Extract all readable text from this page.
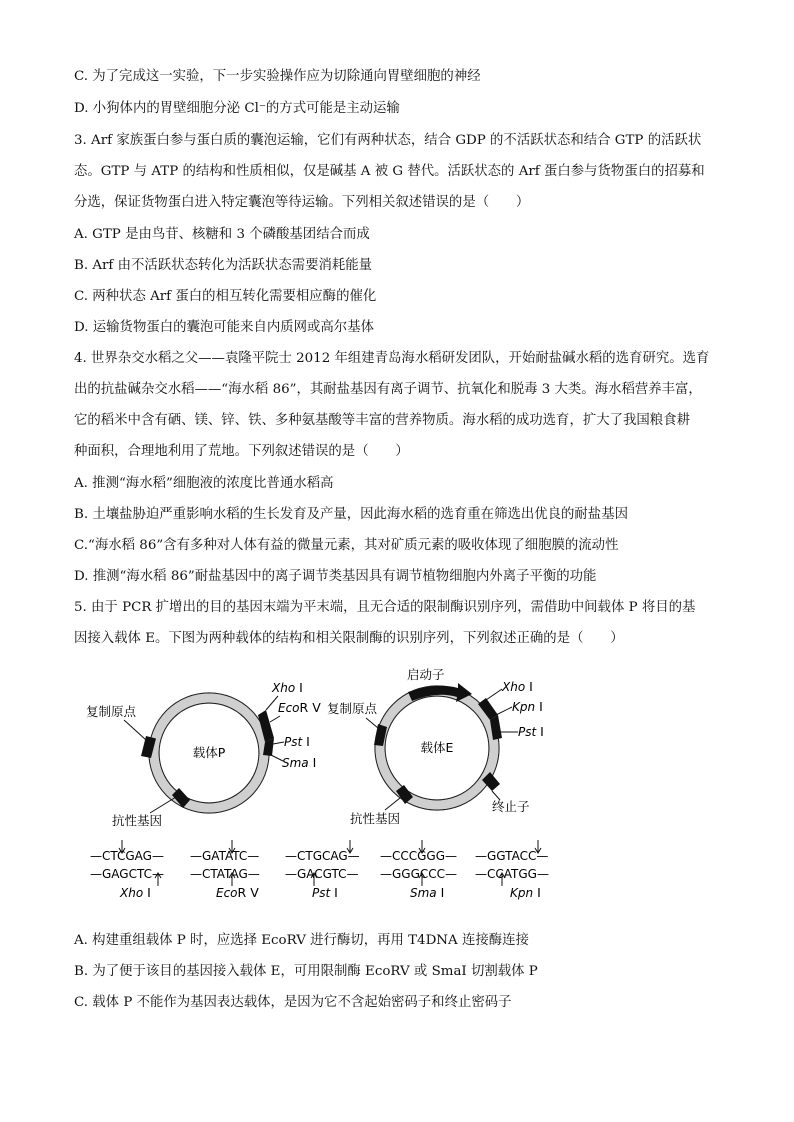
C. 为了完成这一实验，下一步实验操作应为切除通向胃壁细胞的神经
D. 小狗体内的胃壁细胞分泌 Cl⁻的方式可能是主动运输
3. Arf 家族蛋白参与蛋白质的囊泡运输，它们有两种状态，结合 GDP 的不活跃状态和结合 GTP 的活跃状
态。GTP 与 ATP 的结构和性质相似，仅是碱基 A 被 G 替代。活跃状态的 Arf 蛋白参与货物蛋白的招募和
分选，保证货物蛋白进入特定囊泡等待运输。下列相关叙述错误的是（　　）
A. GTP 是由鸟苷、核糖和 3 个磷酸基团结合而成
B. Arf 由不活跃状态转化为活跃状态需要消耗能量
C. 两种状态 Arf 蛋白的相互转化需要相应酶的催化
D. 运输货物蛋白的囊泡可能来自内质网或高尔基体
4. 世界杂交水稻之父——袁隆平院士 2012 年组建青岛海水稻研发团队，开始耐盐碱水稻的选育研究。选育
出的抗盐碱杂交水稻——“海水稻 86”，其耐盐基因有离子调节、抗氧化和脱毒 3 大类。海水稻营养丰富，
它的稻米中含有硒、镁、锌、铁、多种氨基酸等丰富的营养物质。海水稻的成功选育，扩大了我国粮食耕
种面积，合理地利用了荒地。下列叙述错误的是（　　）
A. 推测“海水稻”细胞液的浓度比普通水稻高
B. 土壤盐胁迫严重影响水稻的生长发育及产量，因此海水稻的选育重在筛选出优良的耐盐基因
C.“海水稻 86”含有多种对人体有益的微量元素，其对矿质元素的吸收体现了细胞膜的流动性
D. 推测“海水稻 86”耐盐基因中的离子调节类基因具有调节植物细胞内外离子平衡的功能
5. 由于 PCR 扩增出的目的基因末端为平末端，且无合适的限制酶识别序列，需借助中间载体 P 将目的基
因接入载体 E。下图为两种载体的结构和相关限制酶的识别序列，下列叙述正确的是（　　）
A. 构建重组载体 P 时，应选择 EcoRV 进行酶切，再用 T4DNA 连接酶连接
B. 为了便于该目的基因接入载体 E，可用限制酶 EcoRV 或 SmaI 切割载体 P
C. 载体 P 不能作为基因表达载体，是因为它不含起始密码子和终止密码子
载体P
复制原点
抗性基因
Xho I
EcoR V
Pst I
Sma I
载体E
启动子
复制原点
抗性基因
终止子
Xho I
Kpn I
Pst I
—CTCGAG—
—GAGCTC—
Xho I
—GATATC—
—CTATAG—
EcoR V
—CTGCAG—
—GACGTC—
Pst I
—CCCGGG—
—GGGCCC—
Sma I
—GGTACC—
—CCATGG—
Kpn I
